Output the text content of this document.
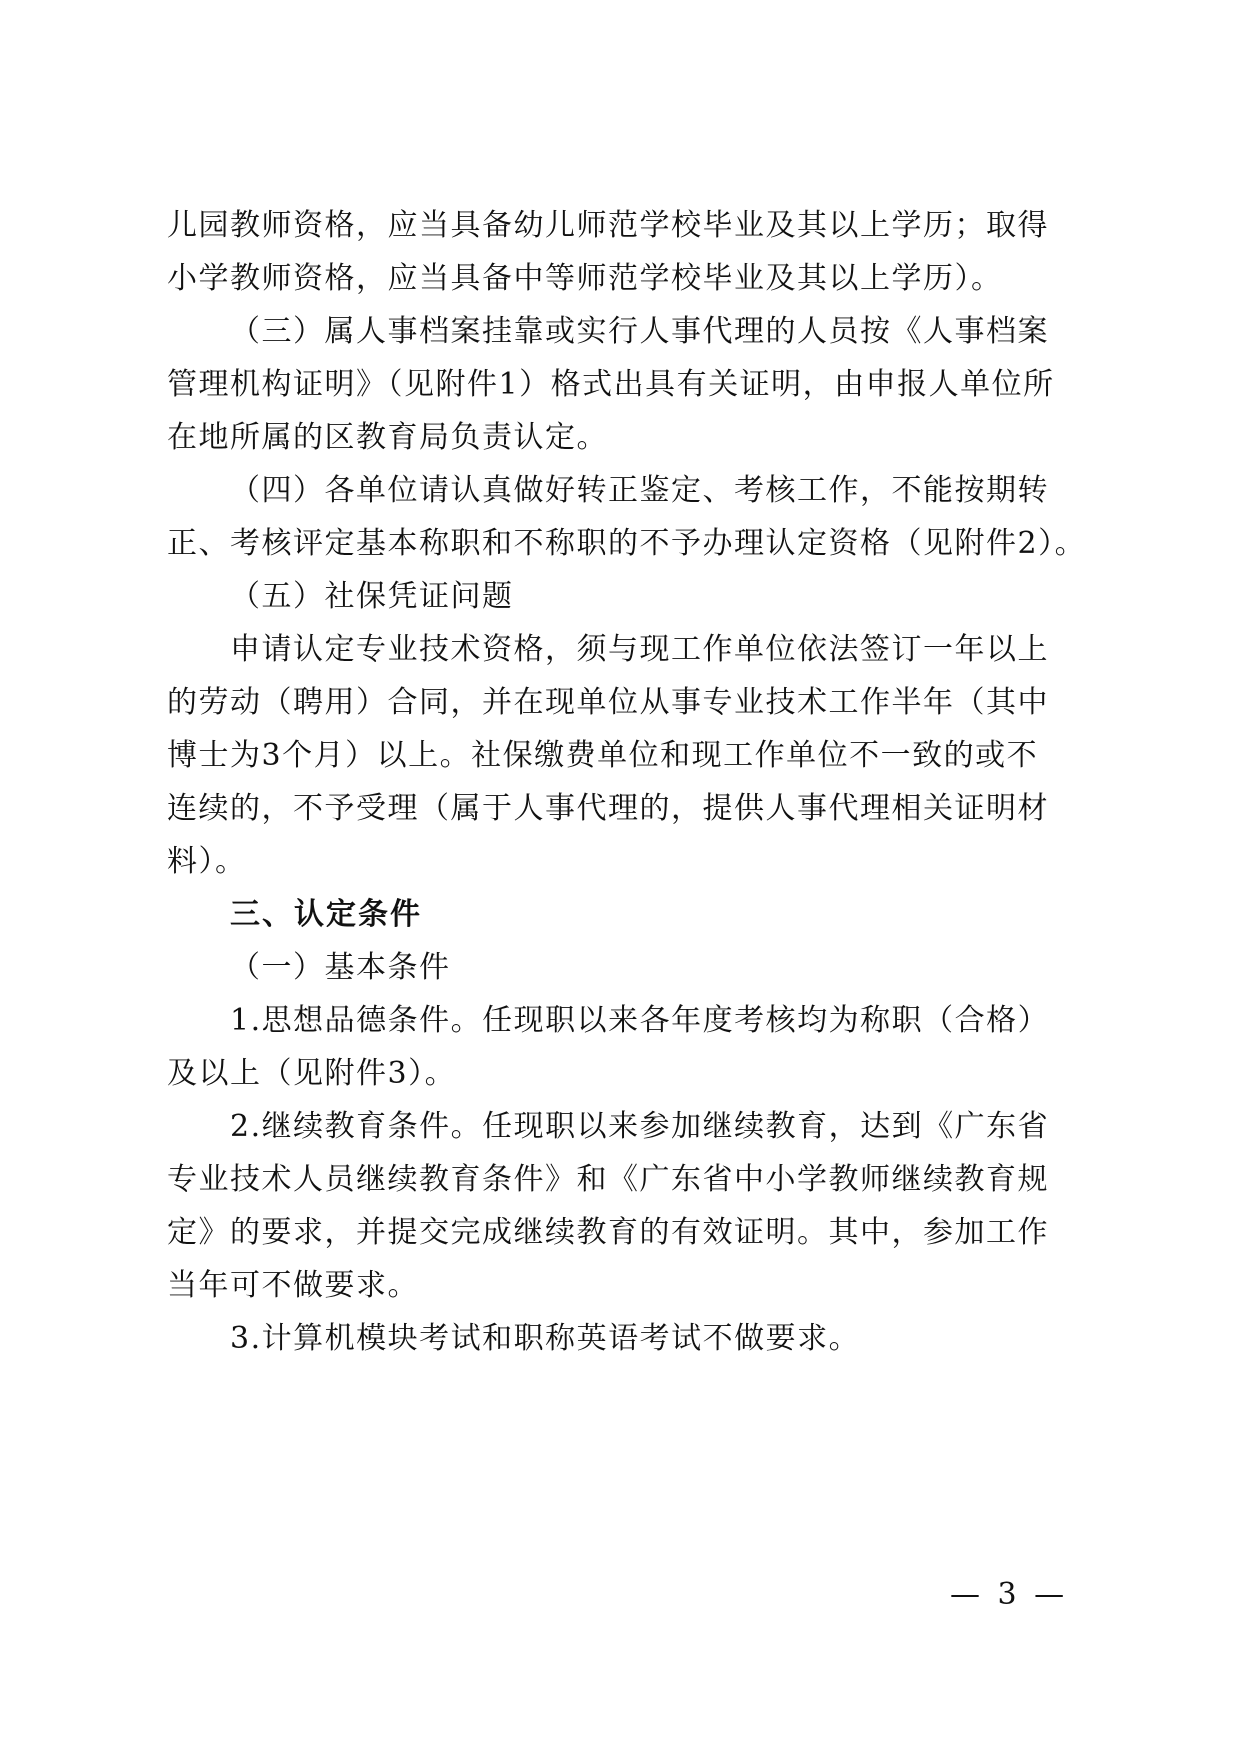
儿园教师资格，应当具备幼儿师范学校毕业及其以上学历；取得
小学教师资格，应当具备中等师范学校毕业及其以上学历）。
（三）属人事档案挂靠或实行人事代理的人员按《人事档案
管理机构证明》（见附件1）格式出具有关证明，由申报人单位所
在地所属的区教育局负责认定。
（四）各单位请认真做好转正鉴定、考核工作，不能按期转
正、考核评定基本称职和不称职的不予办理认定资格（见附件2）。
（五）社保凭证问题
申请认定专业技术资格，须与现工作单位依法签订一年以上
的劳动（聘用）合同，并在现单位从事专业技术工作半年（其中
博士为3个月）以上。社保缴费单位和现工作单位不一致的或不
连续的，不予受理（属于人事代理的，提供人事代理相关证明材
料）。
三、认定条件
（一）基本条件
1.思想品德条件。任现职以来各年度考核均为称职（合格）
及以上（见附件3）。
2.继续教育条件。任现职以来参加继续教育，达到《广东省
专业技术人员继续教育条件》和《广东省中小学教师继续教育规
定》的要求，并提交完成继续教育的有效证明。其中，参加工作
当年可不做要求。
3.计算机模块考试和职称英语考试不做要求。
— 3 —
